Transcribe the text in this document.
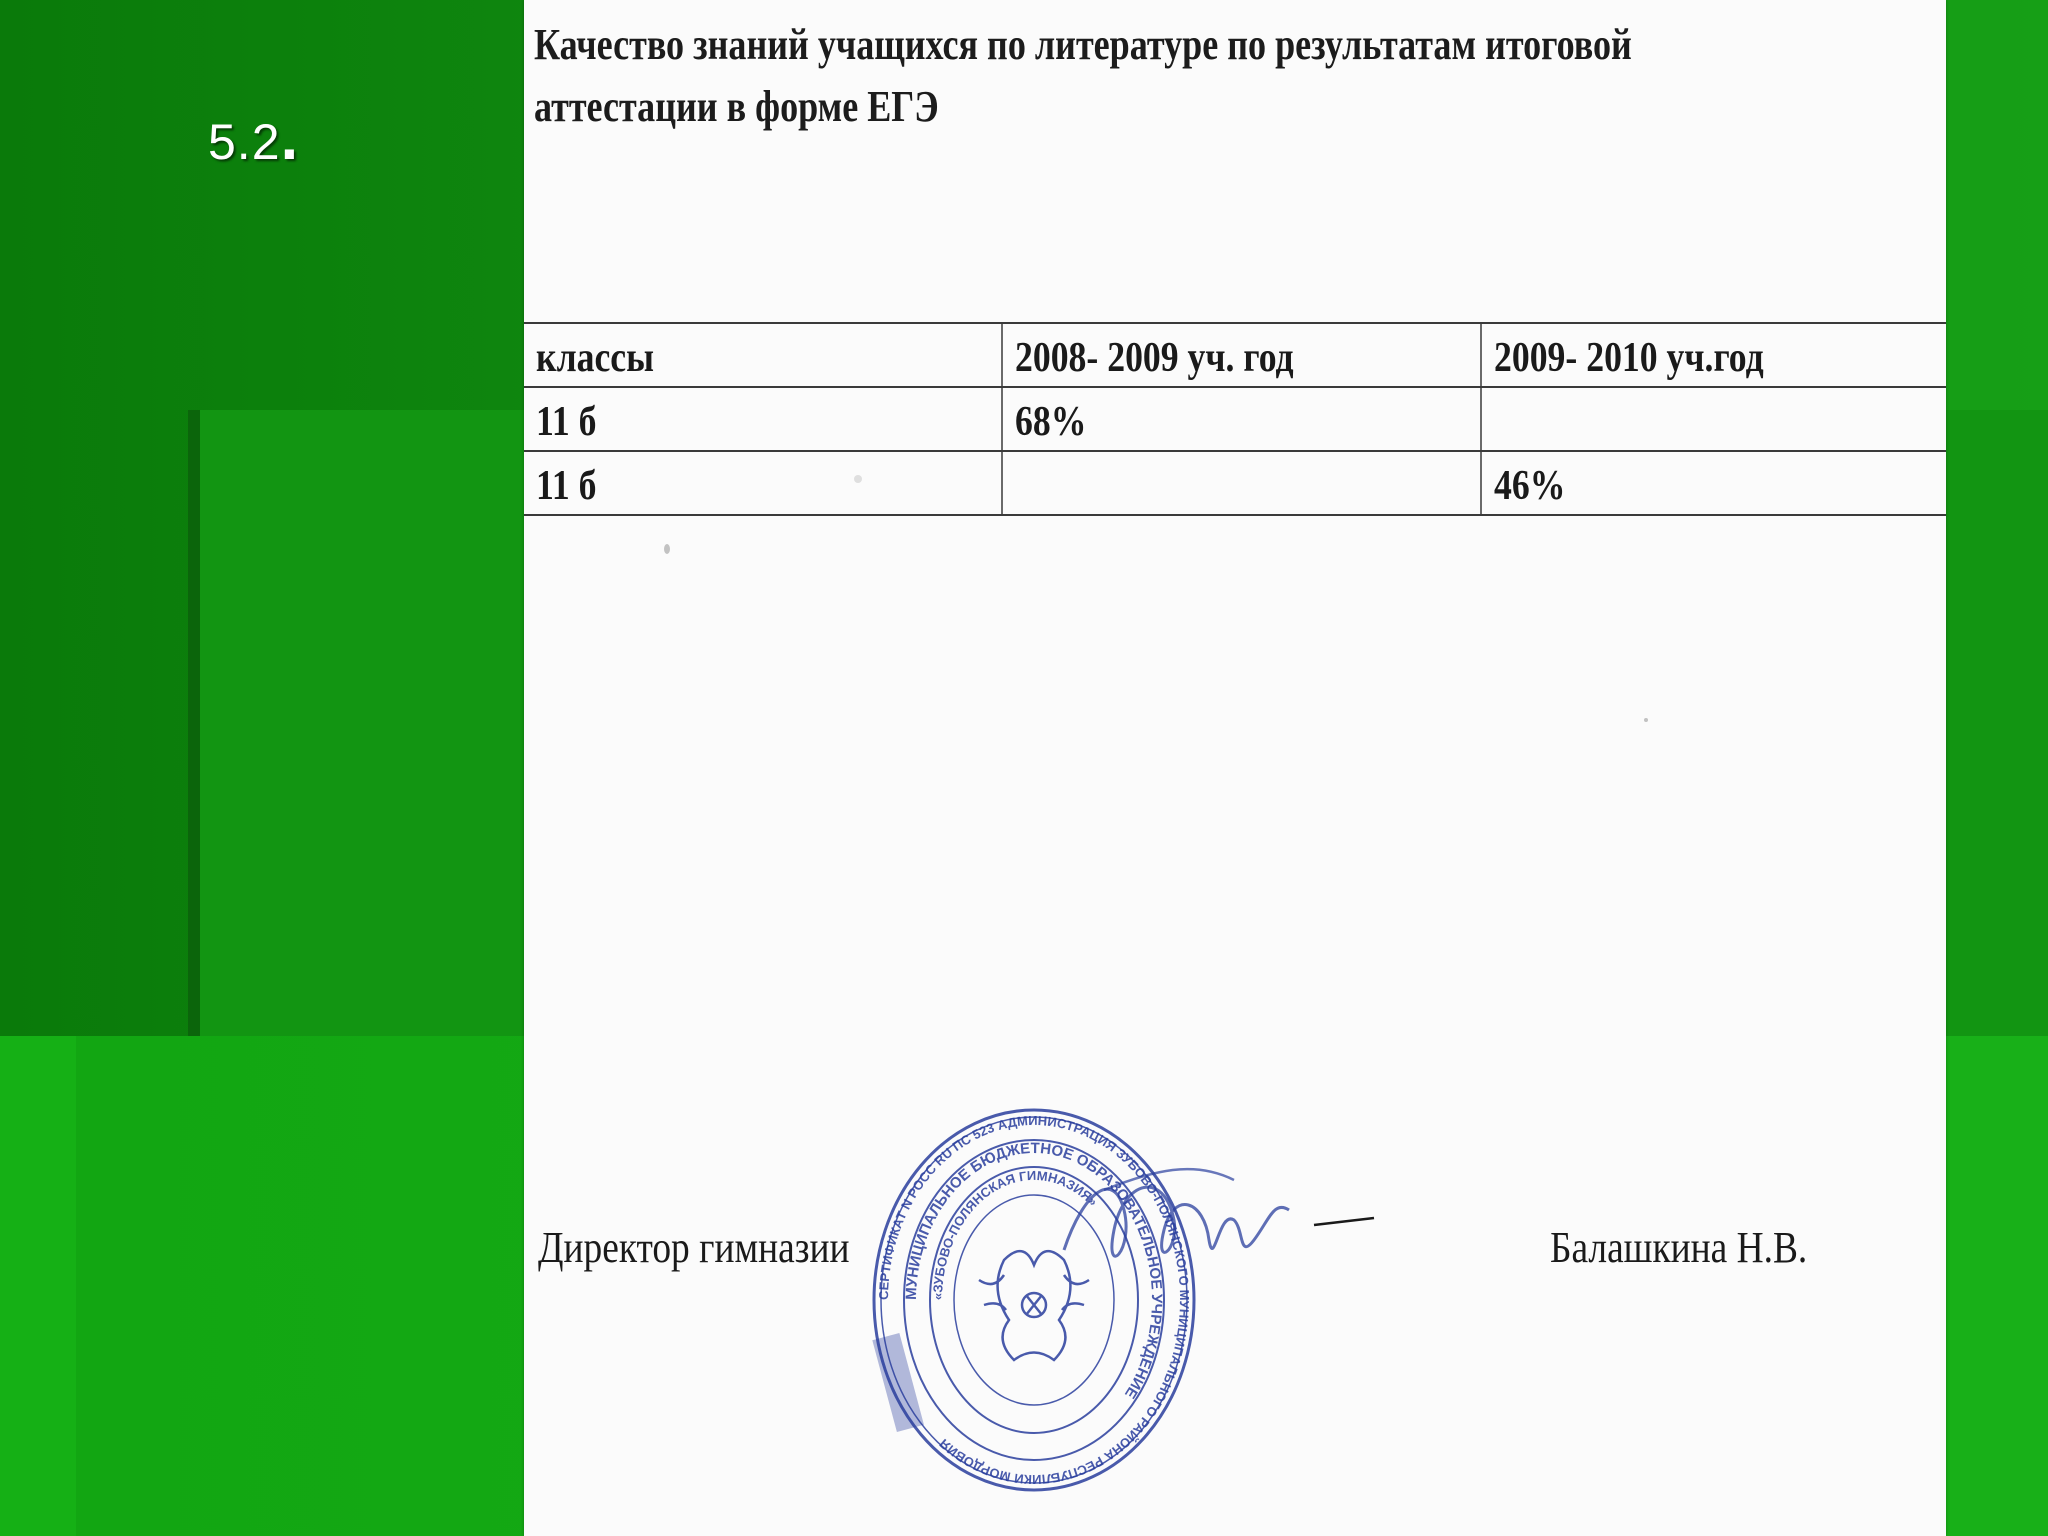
5.2.
Качество знаний учащихся по литературе по результатам итоговой
аттестации в форме ЕГЭ
классы	2008- 2009 уч. год	2009- 2010 уч.год
11 б	68%	
11 б		46%
СЕРТИФИКАТ N РОСС RU ПС 523 АДМИНИСТРАЦИЯ ЗУБОВО-ПОЛЯНСКОГО МУНИЦИПАЛЬНОГО РАЙОНА РЕСПУБЛИКИ МОРДОВИЯ
МУНИЦИПАЛЬНОЕ БЮДЖЕТНОЕ ОБРАЗОВАТЕЛЬНОЕ УЧРЕЖДЕНИЕ
«ЗУБОВО-ПОЛЯНСКАЯ ГИМНАЗИЯ»
Директор гимназии	Балашкина Н.В.
